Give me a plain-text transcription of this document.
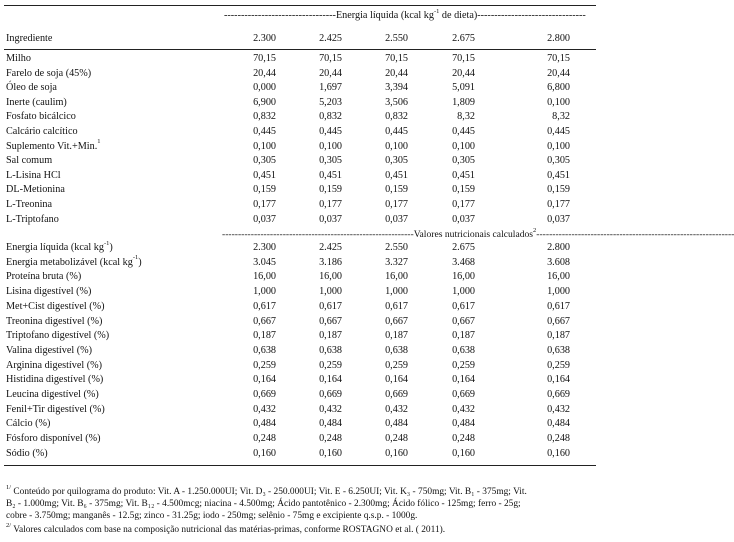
---------------------------------Energia líquida (kcal $kg^{-1}$ de dieta)--------------------------------
Ingrediente	2.300	2.425	2.550	2.675	2.800
Milho	70,15	70,15	70,15	70,15	70,15
Farelo de soja (45%)	20,44	20,44	20,44	20,44	20,44
Óleo de soja	0,000	1,697	3,394	5,091	6,800
Inerte (caulim)	6,900	5,203	3,506	1,809	0,100
Fosfato bicálcico	0,832	0,832	0,832	8,32	8,32
Calcário calcítico	0,445	0,445	0,445	0,445	0,445
Suplemento Vit.+Min.$^1$	0,100	0,100	0,100	0,100	0,100
Sal comum	0,305	0,305	0,305	0,305	0,305
L-Lisina HCl	0,451	0,451	0,451	0,451	0,451
DL-Metionina	0,159	0,159	0,159	0,159	0,159
L-Treonina	0,177	0,177	0,177	0,177	0,177
L-Triptofano	0,037	0,037	0,037	0,037	0,037
------------------------------------------------------------Valores nutricionais calculados$^2$--------------------------------------------------------------
Energia líquida (kcal $kg^{-1}$)	2.300	2.425	2.550	2.675	2.800
Energia metabolizável (kcal $kg^{-1}$)	3.045	3.186	3.327	3.468	3.608
Proteína bruta (%)	16,00	16,00	16,00	16,00	16,00
Lisina digestível (%)	1,000	1,000	1,000	1,000	1,000
Met+Cist digestível (%)	0,617	0,617	0,617	0,617	0,617
Treonina digestível (%)	0,667	0,667	0,667	0,667	0,667
Triptofano digestível (%)	0,187	0,187	0,187	0,187	0,187
Valina digestível (%)	0,638	0,638	0,638	0,638	0,638
Arginina digestível (%)	0,259	0,259	0,259	0,259	0,259
Histidina digestível (%)	0,164	0,164	0,164	0,164	0,164
Leucina digestível (%)	0,669	0,669	0,669	0,669	0,669
Fenil+Tir digestível (%)	0,432	0,432	0,432	0,432	0,432
Cálcio (%)	0,484	0,484	0,484	0,484	0,484
Fósforo disponível (%)	0,248	0,248	0,248	0,248	0,248
Sódio (%)	0,160	0,160	0,160	0,160	0,160
$^{1/}$ Conteúdo por quilograma do produto: Vit. A - 1.250.000UI; Vit. D₃ - 250.000UI; Vit. E - 6.250UI; Vit. K₃ - 750mg; Vit. B₁ - 375mg; Vit.
B₂ - 1.000mg; Vit. B₆ - 375mg; Vit. B₁₂ - 4.500mcg; niacina - 4.500mg; Ácido pantotênico - 2.300mg; Ácido fólico - 125mg; ferro - 25g;
cobre - 3.750mg; manganês - 12.5g; zinco - 31.25g; iodo - 250mg; selênio - 75mg e excipiente q.s.p. - 1000g.
$^{2/}$ Valores calculados com base na composição nutricional das matérias-primas, conforme ROSTAGNO et al. ( 2011).
